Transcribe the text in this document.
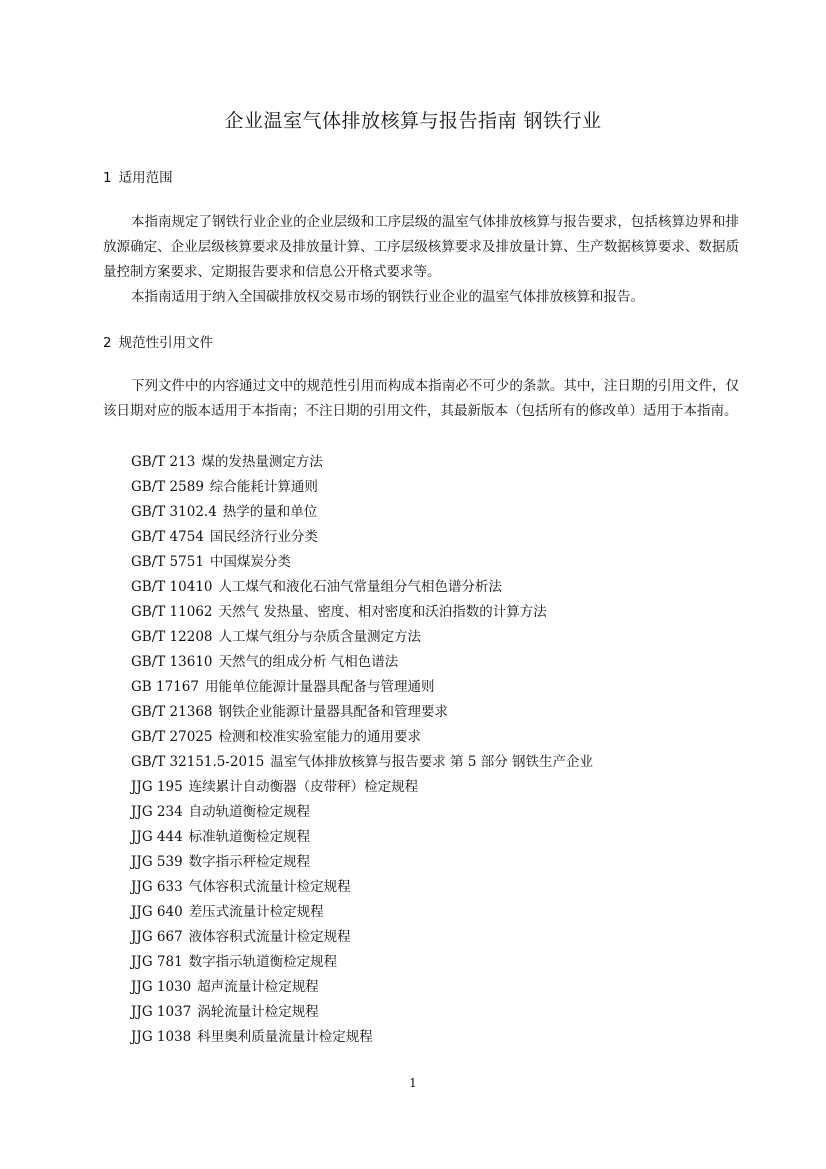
企业温室气体排放核算与报告指南 钢铁行业
1 适用范围
本指南规定了钢铁行业企业的企业层级和工序层级的温室气体排放核算与报告要求，包括核算边界和排放源确定、企业层级核算要求及排放量计算、工序层级核算要求及排放量计算、生产数据核算要求、数据质量控制方案要求、定期报告要求和信息公开格式要求等。
本指南适用于纳入全国碳排放权交易市场的钢铁行业企业的温室气体排放核算和报告。
2 规范性引用文件
下列文件中的内容通过文中的规范性引用而构成本指南必不可少的条款。其中，注日期的引用文件，仅该日期对应的版本适用于本指南；不注日期的引用文件，其最新版本（包括所有的修改单）适用于本指南。
GB/T 213 煤的发热量测定方法
GB/T 2589 综合能耗计算通则
GB/T 3102.4 热学的量和单位
GB/T 4754 国民经济行业分类
GB/T 5751 中国煤炭分类
GB/T 10410 人工煤气和液化石油气常量组分气相色谱分析法
GB/T 11062 天然气 发热量、密度、相对密度和沃泊指数的计算方法
GB/T 12208 人工煤气组分与杂质含量测定方法
GB/T 13610 天然气的组成分析 气相色谱法
GB 17167 用能单位能源计量器具配备与管理通则
GB/T 21368 钢铁企业能源计量器具配备和管理要求
GB/T 27025 检测和校准实验室能力的通用要求
GB/T 32151.5-2015 温室气体排放核算与报告要求 第 5 部分 钢铁生产企业
JJG 195 连续累计自动衡器（皮带秤）检定规程
JJG 234 自动轨道衡检定规程
JJG 444 标准轨道衡检定规程
JJG 539 数字指示秤检定规程
JJG 633 气体容积式流量计检定规程
JJG 640 差压式流量计检定规程
JJG 667 液体容积式流量计检定规程
JJG 781 数字指示轨道衡检定规程
JJG 1030 超声流量计检定规程
JJG 1037 涡轮流量计检定规程
JJG 1038 科里奥利质量流量计检定规程
1
